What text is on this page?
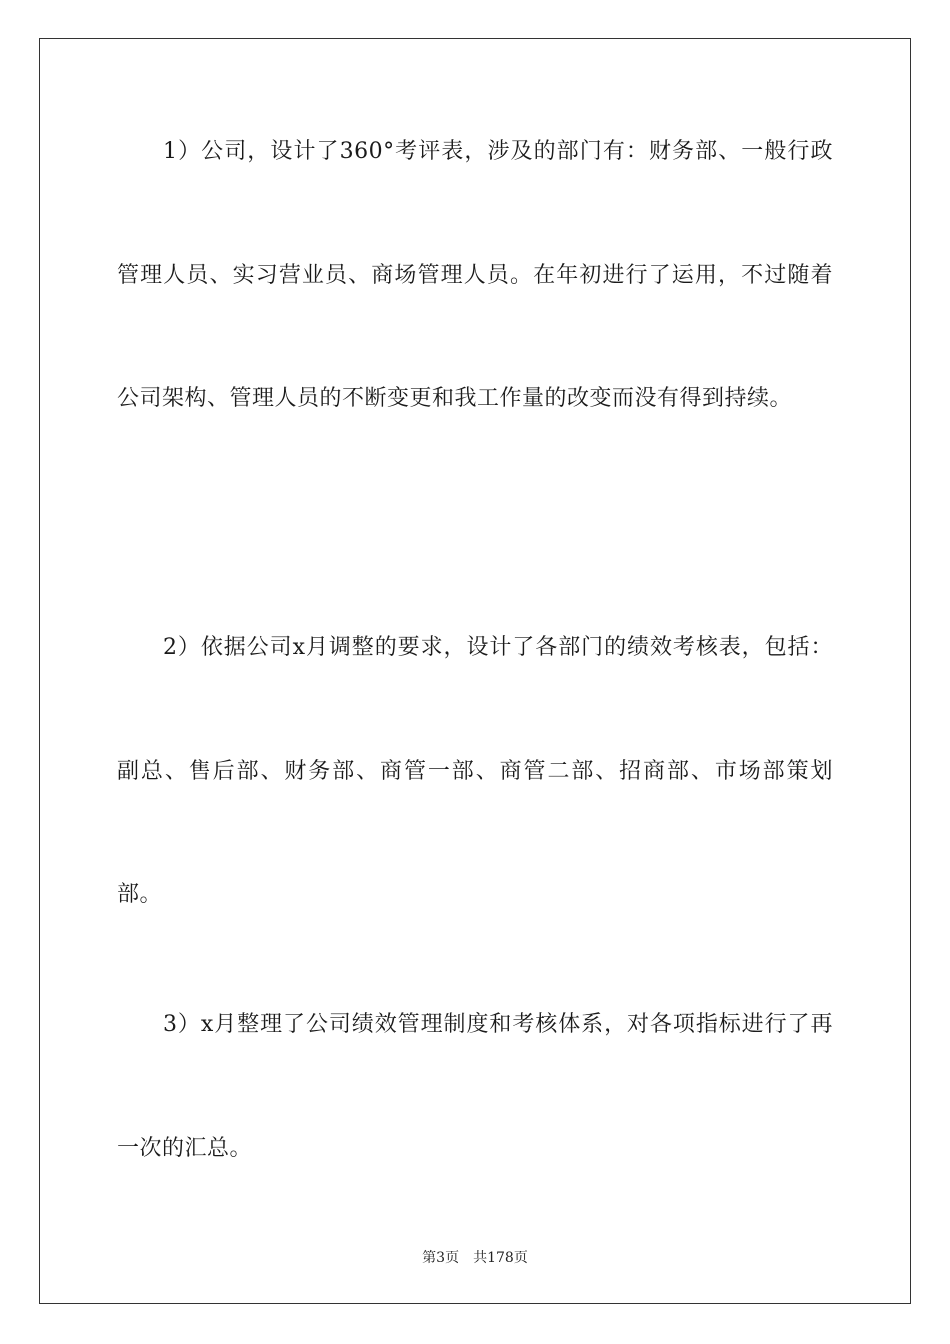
1）公司，设计了360°考评表，涉及的部门有：财务部、一般行政管理人员、实习营业员、商场管理人员。在年初进行了运用，不过随着公司架构、管理人员的不断变更和我工作量的改变而没有得到持续。

2）依据公司x月调整的要求，设计了各部门的绩效考核表，包括：副总、售后部、财务部、商管一部、商管二部、招商部、市场部策划部。

3）x月整理了公司绩效管理制度和考核体系，对各项指标进行了再一次的汇总。

第3页 共178页
